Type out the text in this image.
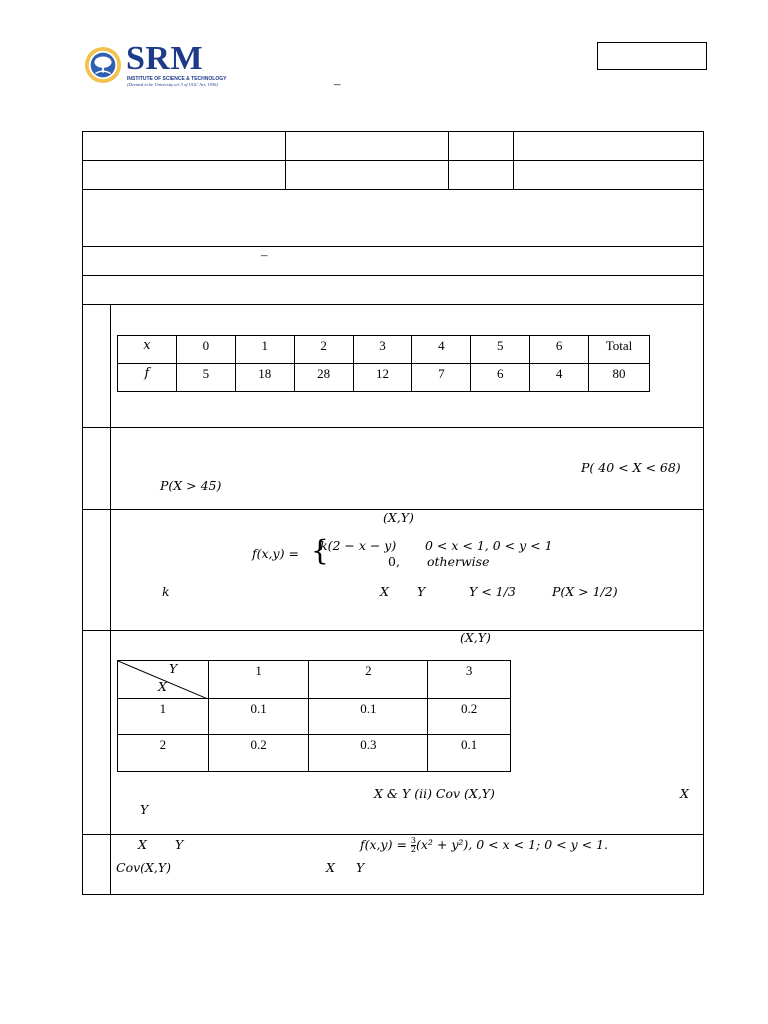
SRM
INSTITUTE OF SCIENCE & TECHNOLOGY
(Deemed to be University u/s 3 of UGC Act, 1956)	–
–
x	0	1	2	3	4	5	6	Total
f	5	18	28	12	7	6	4	80
P( 40 < X < 68)
P(X > 45)
(X,Y)
f(x,y) = {
k(2 − x − y) 0 < x < 1, 0 < y < 1
0, otherwise
k	X Y	Y < 1/3	P(X > 1/2)
(X,Y)
Y
X	1	2	3
1	0.1	0.1	0.2
2	0.2	0.3	0.1
X & Y (ii) Cov (X,Y)	X
Y
X Y	$f(x,y) = \frac{3}{2} (x^2 + y^2)$, 0 < x < 1; 0 < y < 1.
Cov(X,Y)	X Y
